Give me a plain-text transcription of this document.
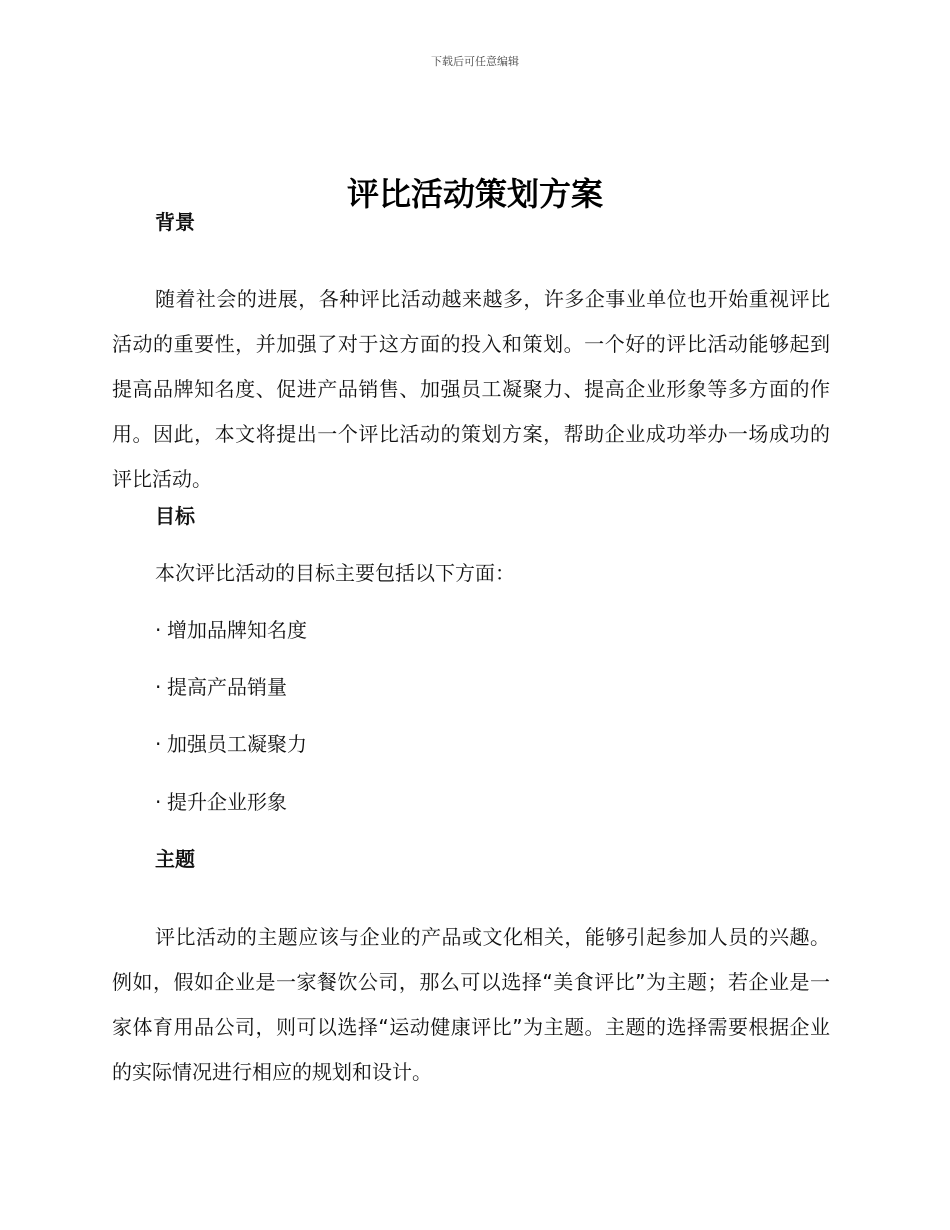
下载后可任意编辑
评比活动策划方案
背景

随着社会的进展，各种评比活动越来越多，许多企事业单位也开始重视评比活动的重要性，并加强了对于这方面的投入和策划。一个好的评比活动能够起到提高品牌知名度、促进产品销售、加强员工凝聚力、提高企业形象等多方面的作用。因此，本文将提出一个评比活动的策划方案，帮助企业成功举办一场成功的评比活动。

目标
本次评比活动的目标主要包括以下方面：
· 增加品牌知名度
· 提高产品销量
· 加强员工凝聚力
· 提升企业形象
主题

评比活动的主题应该与企业的产品或文化相关，能够引起参加人员的兴趣。例如，假如企业是一家餐饮公司，那么可以选择“美食评比”为主题；若企业是一家体育用品公司，则可以选择“运动健康评比”为主题。主题的选择需要根据企业的实际情况进行相应的规划和设计。
